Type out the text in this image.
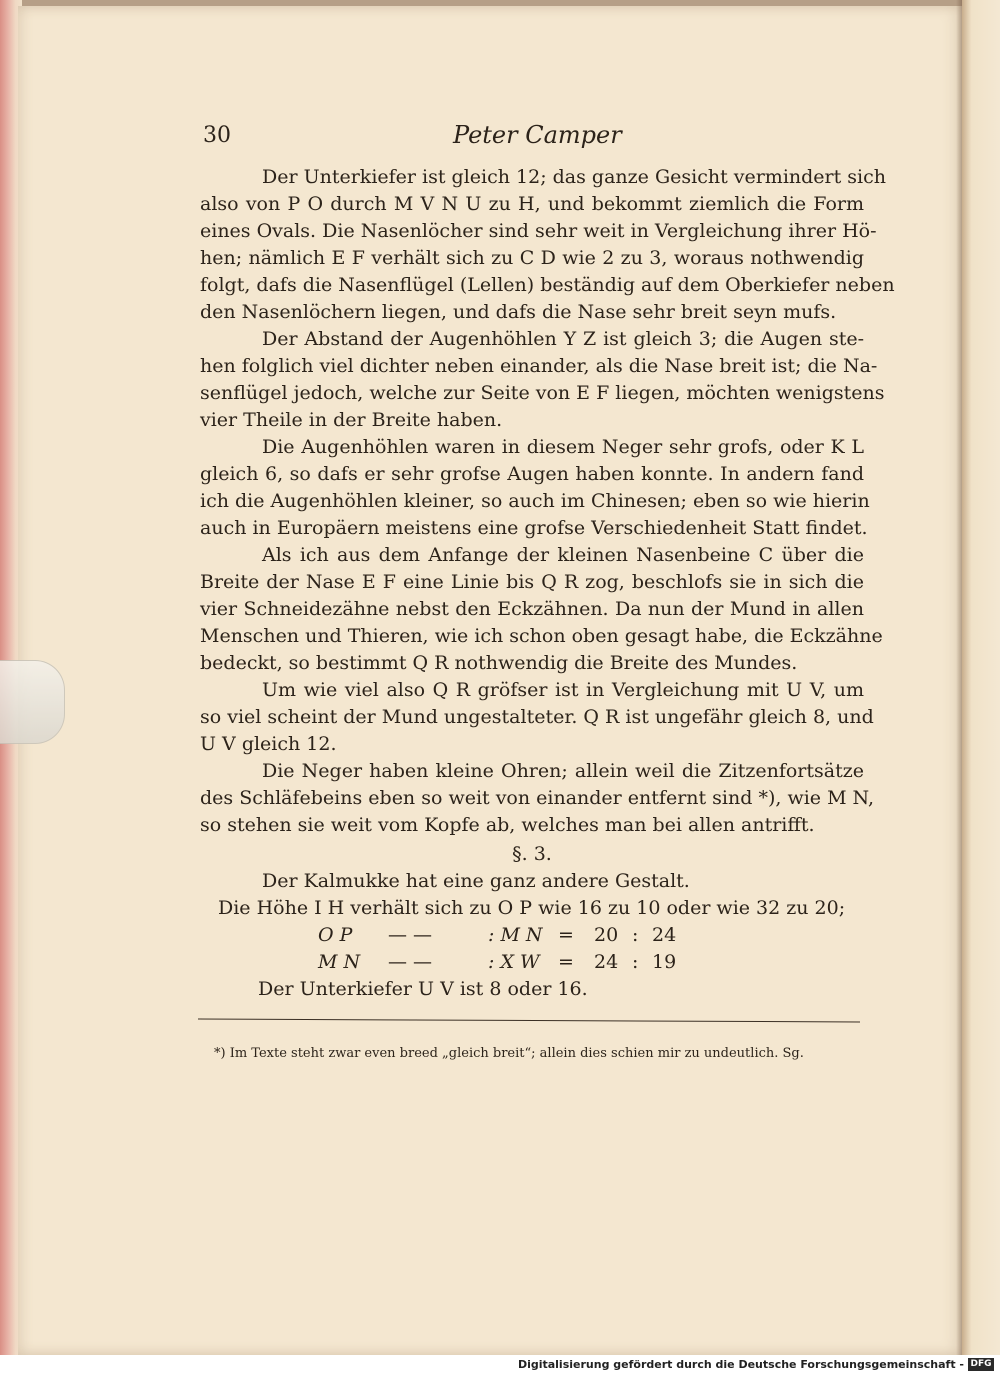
30	Peter Camper
Der Unterkiefer ist gleich 12; das ganze Gesicht vermindert sich
also von P O durch M V N U zu H, und bekommt ziemlich die Form
eines Ovals. Die Nasenlöcher sind sehr weit in Vergleichung ihrer Hö-
hen; nämlich E F verhält sich zu C D wie 2 zu 3, woraus nothwendig
folgt, dafs die Nasenflügel (Lellen) beständig auf dem Oberkiefer neben
den Nasenlöchern liegen, und dafs die Nase sehr breit seyn mufs.
Der Abstand der Augenhöhlen Y Z ist gleich 3; die Augen ste-
hen folglich viel dichter neben einander, als die Nase breit ist; die Na-
senflügel jedoch, welche zur Seite von E F liegen, möchten wenigstens
vier Theile in der Breite haben.
Die Augenhöhlen waren in diesem Neger sehr grofs, oder K L
gleich 6, so dafs er sehr grofse Augen haben konnte. In andern fand
ich die Augenhöhlen kleiner, so auch im Chinesen; eben so wie hierin
auch in Europäern meistens eine grofse Verschiedenheit Statt findet.
Als ich aus dem Anfange der kleinen Nasenbeine C über die
Breite der Nase E F eine Linie bis Q R zog, beschlofs sie in sich die
vier Schneidezähne nebst den Eckzähnen. Da nun der Mund in allen
Menschen und Thieren, wie ich schon oben gesagt habe, die Eckzähne
bedeckt, so bestimmt Q R nothwendig die Breite des Mundes.
Um wie viel also Q R gröfser ist in Vergleichung mit U V, um
so viel scheint der Mund ungestalteter. Q R ist ungefähr gleich 8, und
U V gleich 12.
Die Neger haben kleine Ohren; allein weil die Zitzenfortsätze
des Schläfebeins eben so weit von einander entfernt sind *), wie M N,
so stehen sie weit vom Kopfe ab, welches man bei allen antrifft.
§. 3.
Der Kalmukke hat eine ganz andere Gestalt.
Die Höhe I H verhält sich zu O P wie 16 zu 10 oder wie 32 zu 20;
O P — —	: M N = 20 : 24
M N — —	: X W = 24 : 19
Der Unterkiefer U V ist 8 oder 16.
*) Im Texte steht zwar even breed „gleich breit“; allein dies schien mir zu undeutlich. Sg.
Digitalisierung gefördert durch die Deutsche Forschungsgemeinschaft - DFG
